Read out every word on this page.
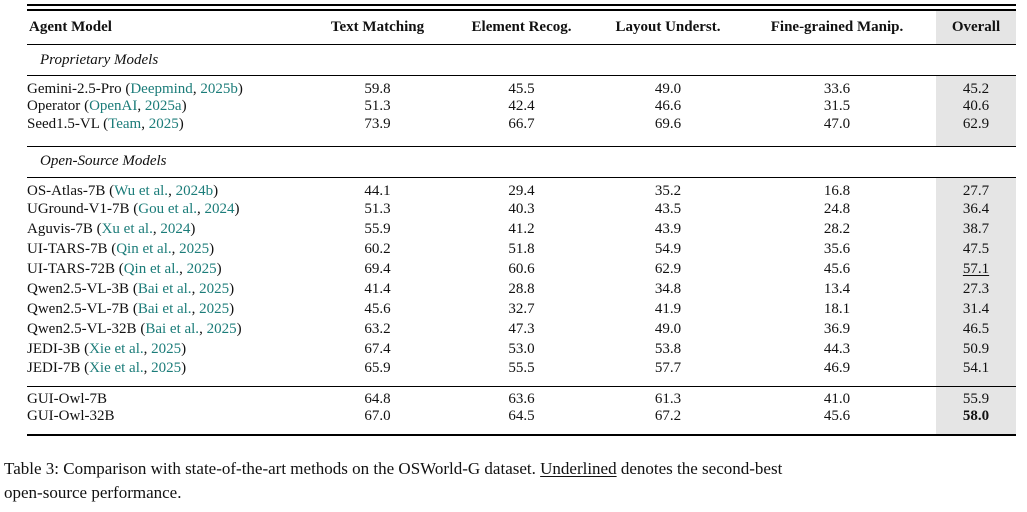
Agent Model	Text Matching	Element Recog.	Layout Underst.	Fine-grained Manip.	Overall
Proprietary Models					
Gemini-2.5-Pro (Deepmind, 2025b)	59.8	45.5	49.0	33.6	45.2
Operator (OpenAI, 2025a)	51.3	42.4	46.6	31.5	40.6
Seed1.5-VL (Team, 2025)	73.9	66.7	69.6	47.0	62.9
Open-Source Models					
OS-Atlas-7B (Wu et al., 2024b)	44.1	29.4	35.2	16.8	27.7
UGround-V1-7B (Gou et al., 2024)	51.3	40.3	43.5	24.8	36.4
Aguvis-7B (Xu et al., 2024)	55.9	41.2	43.9	28.2	38.7
UI-TARS-7B (Qin et al., 2025)	60.2	51.8	54.9	35.6	47.5
UI-TARS-72B (Qin et al., 2025)	69.4	60.6	62.9	45.6	57.1
Qwen2.5-VL-3B (Bai et al., 2025)	41.4	28.8	34.8	13.4	27.3
Qwen2.5-VL-7B (Bai et al., 2025)	45.6	32.7	41.9	18.1	31.4
Qwen2.5-VL-32B (Bai et al., 2025)	63.2	47.3	49.0	36.9	46.5
JEDI-3B (Xie et al., 2025)	67.4	53.0	53.8	44.3	50.9
JEDI-7B (Xie et al., 2025)	65.9	55.5	57.7	46.9	54.1
GUI-Owl-7B	64.8	63.6	61.3	41.0	55.9
GUI-Owl-32B	67.0	64.5	67.2	45.6	58.0
Table 3: Comparison with state-of-the-art methods on the OSWorld-G dataset. Underlined denotes the second-best
open-source performance.
